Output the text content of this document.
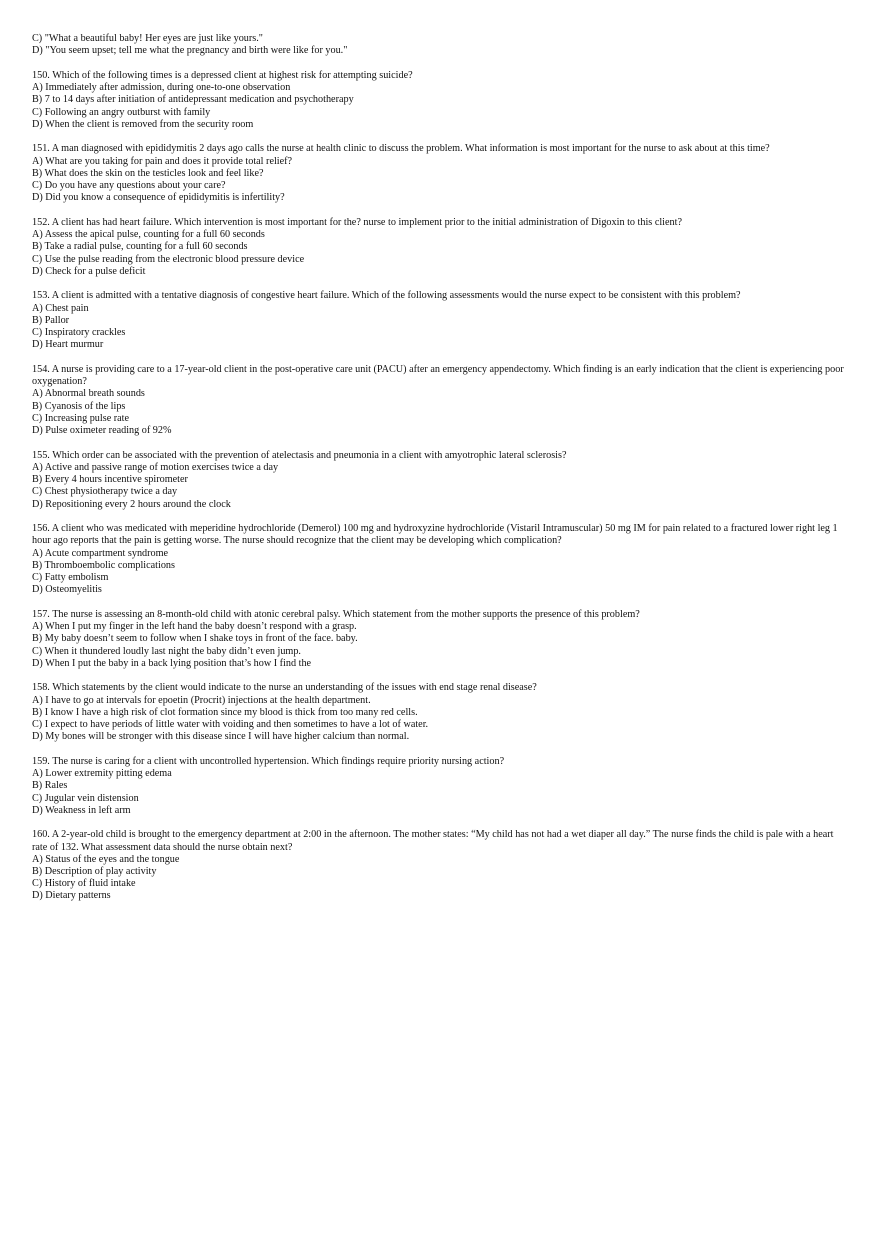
C) "What a beautiful baby! Her eyes are just like yours."
D) "You seem upset; tell me what the pregnancy and birth were like for you."
150. Which of the following times is a depressed client at highest risk for attempting suicide?
A) Immediately after admission, during one-to-one observation
B) 7 to 14 days after initiation of antidepressant medication and psychotherapy
C) Following an angry outburst with family
D) When the client is removed from the security room
151. A man diagnosed with epididymitis 2 days ago calls the nurse at health clinic to discuss the problem. What information is most important for the nurse to ask about at this time?
A) What are you taking for pain and does it provide total relief?
B) What does the skin on the testicles look and feel like?
C) Do you have any questions about your care?
D) Did you know a consequence of epididymitis is infertility?
152. A client has had heart failure. Which intervention is most important for the? nurse to implement prior to the initial administration of Digoxin to this client?
A) Assess the apical pulse, counting for a full 60 seconds
B) Take a radial pulse, counting for a full 60 seconds
C) Use the pulse reading from the electronic blood pressure device
D) Check for a pulse deficit
153. A client is admitted with a tentative diagnosis of congestive heart failure. Which of the following assessments would the nurse expect to be consistent with this problem?
A) Chest pain
B) Pallor
C) Inspiratory crackles
D) Heart murmur
154. A nurse is providing care to a 17-year-old client in the post-operative care unit (PACU) after an emergency appendectomy. Which finding is an early indication that the client is experiencing poor oxygenation?
A) Abnormal breath sounds
B) Cyanosis of the lips
C) Increasing pulse rate
D) Pulse oximeter reading of 92%
155. Which order can be associated with the prevention of atelectasis and pneumonia in a client with amyotrophic lateral sclerosis?
A) Active and passive range of motion exercises twice a day
B) Every 4 hours incentive spirometer
C) Chest physiotherapy twice a day
D) Repositioning every 2 hours around the clock
156. A client who was medicated with meperidine hydrochloride (Demerol) 100 mg and hydroxyzine hydrochloride (Vistaril Intramuscular) 50 mg IM for pain related to a fractured lower right leg 1 hour ago reports that the pain is getting worse. The nurse should recognize that the client may be developing which complication?
A) Acute compartment syndrome
B) Thromboembolic complications
C) Fatty embolism
D) Osteomyelitis
157. The nurse is assessing an 8-month-old child with atonic cerebral palsy. Which statement from the mother supports the presence of this problem?
A) When I put my finger in the left hand the baby doesn’t respond with a grasp.
B) My baby doesn’t seem to follow when I shake toys in front of the face. baby.
C) When it thundered loudly last night the baby didn’t even jump.
D) When I put the baby in a back lying position that’s how I find the
158. Which statements by the client would indicate to the nurse an understanding of the issues with end stage renal disease?
A) I have to go at intervals for epoetin (Procrit) injections at the health department.
B) I know I have a high risk of clot formation since my blood is thick from too many red cells.
C) I expect to have periods of little water with voiding and then sometimes to have a lot of water.
D) My bones will be stronger with this disease since I will have higher calcium than normal.
159. The nurse is caring for a client with uncontrolled hypertension. Which findings require priority nursing action?
A) Lower extremity pitting edema
B) Rales
C) Jugular vein distension
D) Weakness in left arm
160. A 2-year-old child is brought to the emergency department at 2:00 in the afternoon. The mother states: “My child has not had a wet diaper all day.” The nurse finds the child is pale with a heart rate of 132. What assessment data should the nurse obtain next?
A) Status of the eyes and the tongue
B) Description of play activity
C) History of fluid intake
D) Dietary patterns
